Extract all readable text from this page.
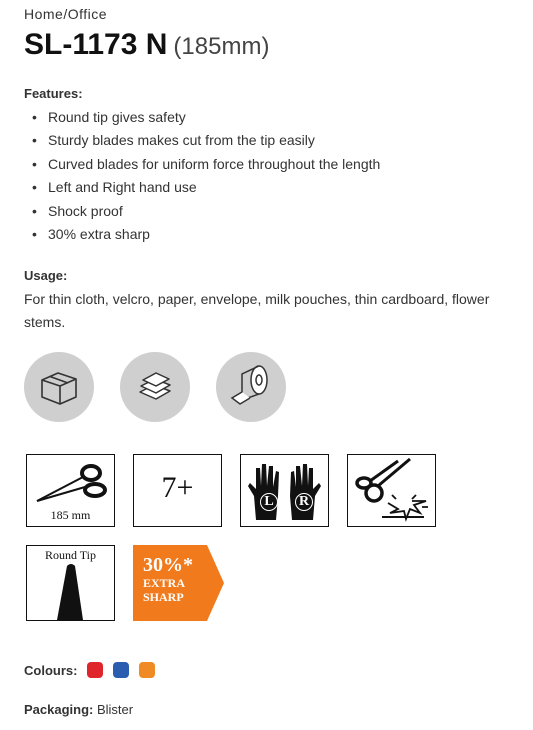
Home/Office
SL-1173 N (185mm)
Features:
• Round tip gives safety
• Sturdy blades makes cut from the tip easily
• Curved blades for uniform force throughout the length
• Left and Right hand use
• Shock proof
• 30% extra sharp
Usage:
For thin cloth, velcro, paper, envelope, milk pouches, thin cardboard, flower stems.
185 mm
7+	L	R
Round Tip	30%*
EXTRA
SHARP
Colours:
Packaging: Blister
